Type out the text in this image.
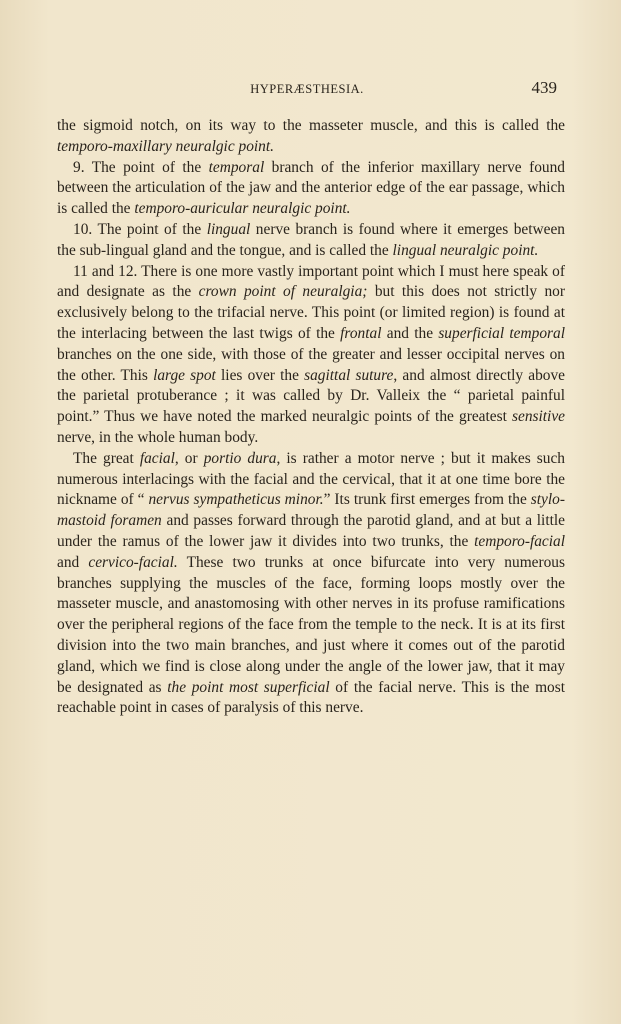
HYPERÆSTHESIA.	439

the sigmoid notch, on its way to the masseter muscle, and this is called the temporo-maxillary neuralgic point.

9. The point of the temporal branch of the inferior maxillary nerve found between the articulation of the jaw and the anterior edge of the ear passage, which is called the temporo-auricular neuralgic point.

10. The point of the lingual nerve branch is found where it emerges between the sub-lingual gland and the tongue, and is called the lingual neuralgic point.

11 and 12. There is one more vastly important point which I must here speak of and designate as the crown point of neuralgia; but this does not strictly nor exclusively belong to the trifacial nerve. This point (or limited region) is found at the interlacing between the last twigs of the frontal and the superficial temporal branches on the one side, with those of the greater and lesser occipital nerves on the other. This large spot lies over the sagittal suture, and almost directly above the parietal protuberance ; it was called by Dr. Valleix the “ parietal painful point.” Thus we have noted the marked neuralgic points of the greatest sensitive nerve, in the whole human body.

The great facial, or portio dura, is rather a motor nerve ; but it makes such numerous interlacings with the facial and the cervical, that it at one time bore the nickname of “ nervus sympatheticus minor.” Its trunk first emerges from the stylo-mastoid foramen and passes forward through the parotid gland, and at but a little under the ramus of the lower jaw it divides into two trunks, the temporo-facial and cervico-facial. These two trunks at once bifurcate into very numerous branches supplying the muscles of the face, forming loops mostly over the masseter muscle, and anastomosing with other nerves in its profuse ramifications over the peripheral regions of the face from the temple to the neck. It is at its first division into the two main branches, and just where it comes out of the parotid gland, which we find is close along under the angle of the lower jaw, that it may be designated as the point most superficial of the facial nerve. This is the most reachable point in cases of paralysis of this nerve.
